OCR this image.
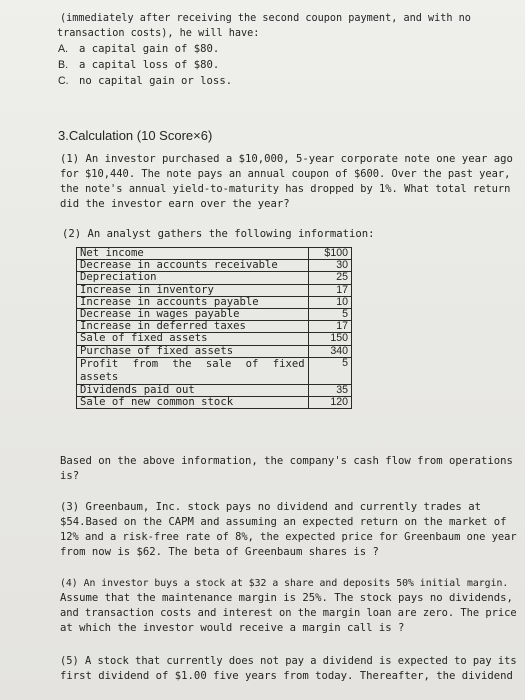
(immediately after receiving the second coupon payment, and with no
transaction costs), he will have:
A. a capital gain of $80.
B. a capital loss of $80.
C. no capital gain or loss.
3.Calculation (10 Score×6)
(1) An investor purchased a $10,000, 5-year corporate note one year ago
for $10,440. The note pays an annual coupon of $600. Over the past year,
the note's annual yield-to-maturity has dropped by 1%. What total return
did the investor earn over the year?
(2) An analyst gathers the following information:
Net income	$100
Decrease in accounts receivable	30
Depreciation	25
Increase in inventory	17
Increase in accounts payable	10
Decrease in wages payable	5
Increase in deferred taxes	17
Sale of fixed assets	150
Purchase of fixed assets	340
Profit from the sale of fixed assets	5
Dividends paid out	35
Sale of new common stock	120
Based on the above information, the company's cash flow from operations
is?
(3) Greenbaum, Inc. stock pays no dividend and currently trades at
$54.Based on the CAPM and assuming an expected return on the market of
12% and a risk-free rate of 8%, the expected price for Greenbaum one year
from now is $62. The beta of Greenbaum shares is ?
(4) An investor buys a stock at $32 a share and deposits 50% initial margin.
Assume that the maintenance margin is 25%. The stock pays no dividends,
and transaction costs and interest on the margin loan are zero. The price
at which the investor would receive a margin call is ?
(5) A stock that currently does not pay a dividend is expected to pay its
first dividend of $1.00 five years from today. Thereafter, the dividend
